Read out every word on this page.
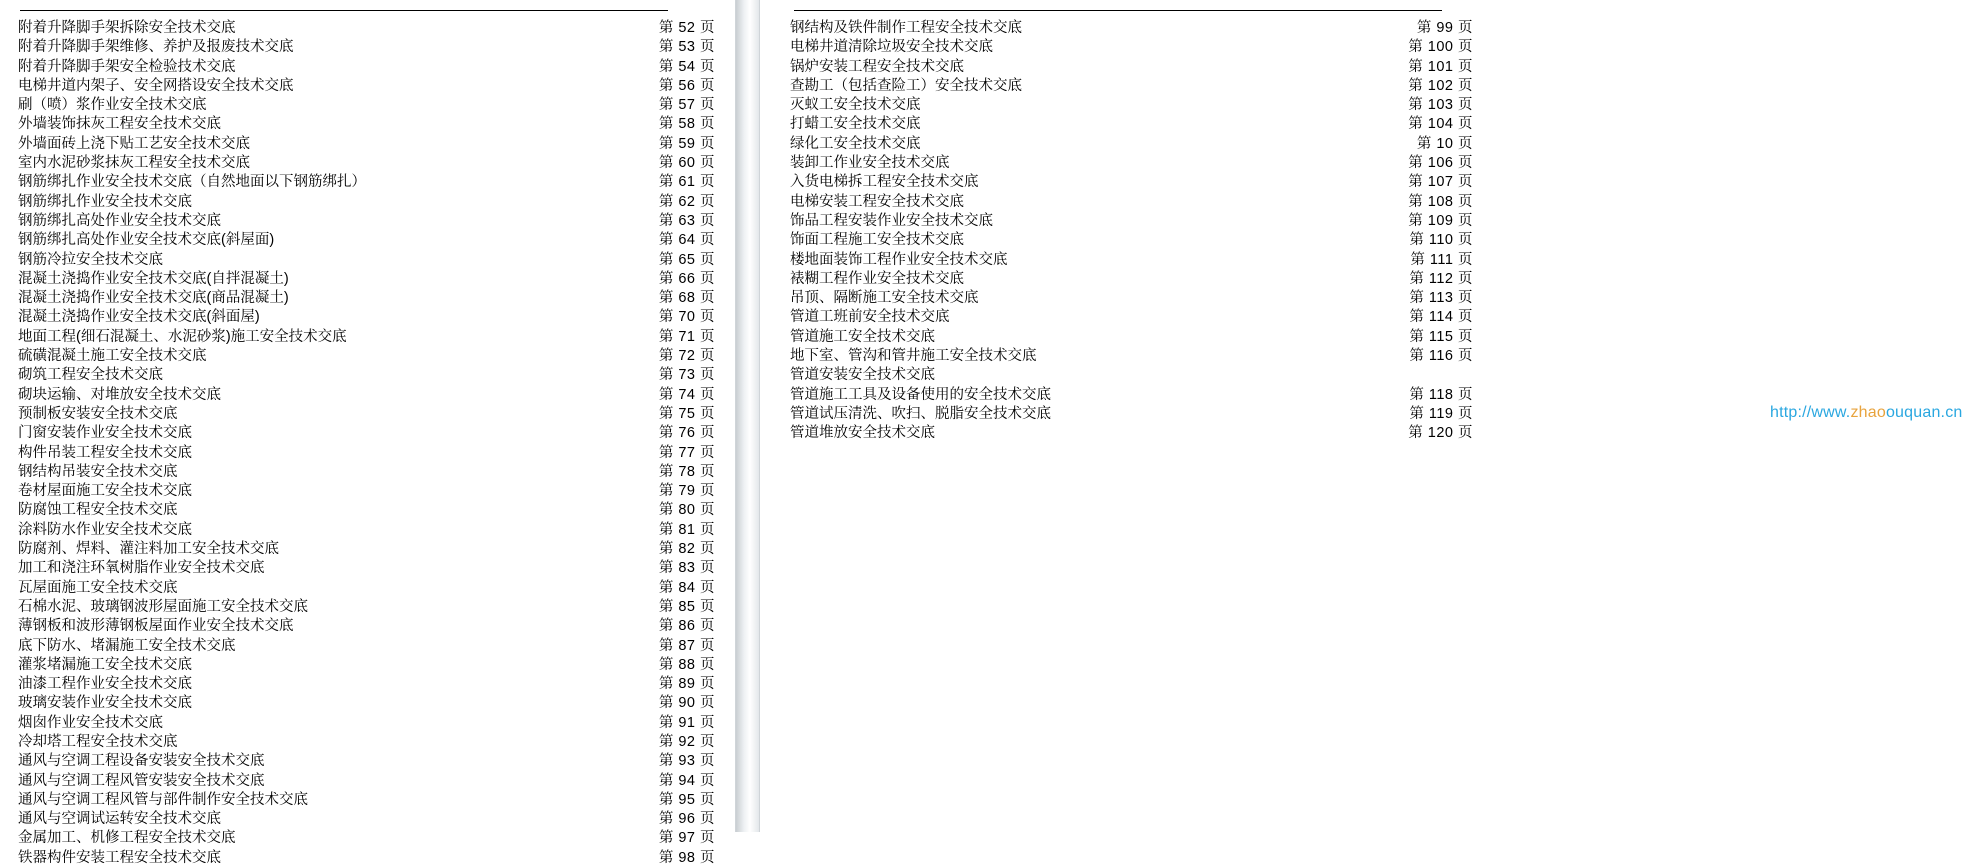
附着升降脚手架拆除安全技术交底	第 52 页
附着升降脚手架维修、养护及报废技术交底	第 53 页
附着升降脚手架安全检验技术交底	第 54 页
电梯井道内架子、安全网搭设安全技术交底	第 56 页
刷（喷）浆作业安全技术交底	第 57 页
外墙装饰抹灰工程安全技术交底	第 58 页
外墙面砖上浇下贴工艺安全技术交底	第 59 页
室内水泥砂浆抹灰工程安全技术交底	第 60 页
钢筋绑扎作业安全技术交底（自然地面以下钢筋绑扎）	第 61 页
钢筋绑扎作业安全技术交底	第 62 页
钢筋绑扎高处作业安全技术交底	第 63 页
钢筋绑扎高处作业安全技术交底(斜屋面)	第 64 页
钢筋冷拉安全技术交底	第 65 页
混凝土浇捣作业安全技术交底(自拌混凝土)	第 66 页
混凝土浇捣作业安全技术交底(商品混凝土)	第 68 页
混凝土浇捣作业安全技术交底(斜面屋)	第 70 页
地面工程(细石混凝土、水泥砂浆)施工安全技术交底	第 71 页
硫磺混凝土施工安全技术交底	第 72 页
砌筑工程安全技术交底	第 73 页
砌块运输、对堆放安全技术交底	第 74 页
预制板安装安全技术交底	第 75 页
门窗安装作业安全技术交底	第 76 页
构件吊装工程安全技术交底	第 77 页
钢结构吊装安全技术交底	第 78 页
卷材屋面施工安全技术交底	第 79 页
防腐蚀工程安全技术交底	第 80 页
涂料防水作业安全技术交底	第 81 页
防腐剂、焊料、灌注料加工安全技术交底	第 82 页
加工和浇注环氧树脂作业安全技术交底	第 83 页
瓦屋面施工安全技术交底	第 84 页
石棉水泥、玻璃钢波形屋面施工安全技术交底	第 85 页
薄钢板和波形薄钢板屋面作业安全技术交底	第 86 页
底下防水、堵漏施工安全技术交底	第 87 页
灌浆堵漏施工安全技术交底	第 88 页
油漆工程作业安全技术交底	第 89 页
玻璃安装作业安全技术交底	第 90 页
烟囱作业安全技术交底	第 91 页
冷却塔工程安全技术交底	第 92 页
通风与空调工程设备安装安全技术交底	第 93 页
通风与空调工程风管安装安全技术交底	第 94 页
通风与空调工程风管与部件制作安全技术交底	第 95 页
通风与空调试运转安全技术交底	第 96 页
金属加工、机修工程安全技术交底	第 97 页
铁器构件安装工程安全技术交底	第 98 页
钢结构及铁件制作工程安全技术交底	第 99 页
电梯井道清除垃圾安全技术交底	第 100 页
锅炉安装工程安全技术交底	第 101 页
查勘工（包括查险工）安全技术交底	第 102 页
灭蚁工安全技术交底	第 103 页
打蜡工安全技术交底	第 104 页
绿化工安全技术交底	第 10 页
装卸工作业安全技术交底	第 106 页
入货电梯拆工程安全技术交底	第 107 页
电梯安装工程安全技术交底	第 108 页
饰品工程安装作业安全技术交底	第 109 页
饰面工程施工安全技术交底	第 110 页
楼地面装饰工程作业安全技术交底	第 111 页
裱糊工程作业安全技术交底	第 112 页
吊顶、隔断施工安全技术交底	第 113 页
管道工班前安全技术交底	第 114 页
管道施工安全技术交底	第 115 页
地下室、管沟和管井施工安全技术交底	第 116 页
管道安装安全技术交底
管道施工工具及设备使用的安全技术交底	第 118 页
管道试压清洗、吹扫、脱脂安全技术交底	第 119 页
管道堆放安全技术交底	第 120 页
http://www.zhaoouquan.cn
